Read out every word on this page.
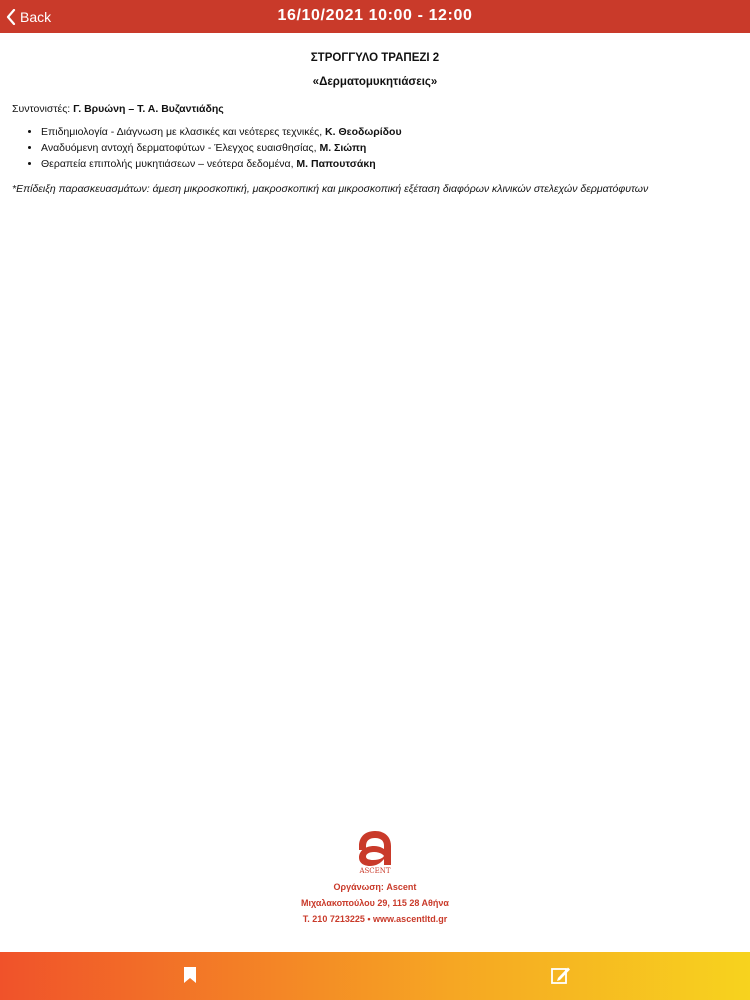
Back	16/10/2021 10:00 - 12:00

ΣΤΡΟΓΓΥΛΟ ΤΡΑΠΕΖΙ 2

«Δερματομυκητιάσεις»

Συντονιστές: Γ. Βρυώνη – Τ. Α. Βυζαντιάδης

• Επιδημιολογία - Διάγνωση με κλασικές και νεότερες τεχνικές, Κ. Θεοδωρίδου
• Αναδυόμενη αντοχή δερματοφύτων - Έλεγχος ευαισθησίας, Μ. Σιώπη
• Θεραπεία επιπολής μυκητιάσεων – νεότερα δεδομένα, Μ. Παπουτσάκη

*Επίδειξη παρασκευασμάτων: άμεση μικροσκοπική, μακροσκοπική και μικροσκοπική εξέταση διαφόρων κλινικών στελεχών δερματόφυτων

ASCENT
Οργάνωση: Ascent
Μιχαλακοπούλου 29, 115 28 Αθήνα
Τ. 210 7213225 • www.ascentltd.gr
